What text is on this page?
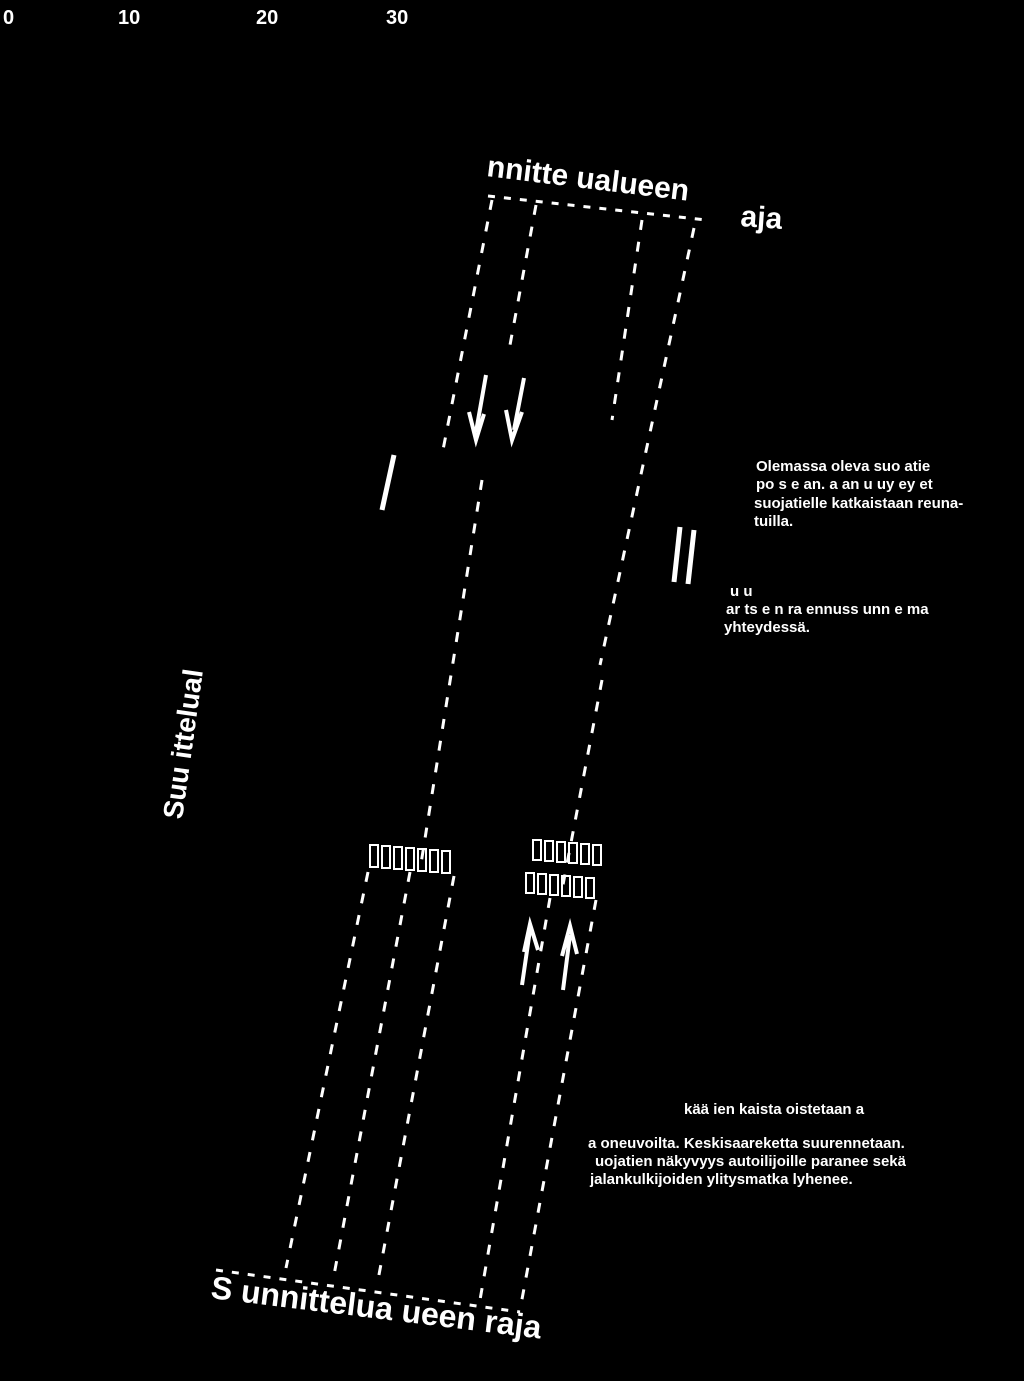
0	10	20	30
nnitte ualueen
aja
S unnittelua ueen raja
Suu ittelual
Olemassa oleva suo atie
po s e an. a an u uy ey et
suojatielle katkaistaan reuna-
tuilla.
u u
ar ts e n ra ennuss unn e ma
yhteydessä.
kää ien kaista oistetaan a
a oneuvoilta. Keskisaareketta suurennetaan.
uojatien näkyvyys autoilijoille paranee sekä
jalankulkijoiden ylitysmatka lyhenee.
